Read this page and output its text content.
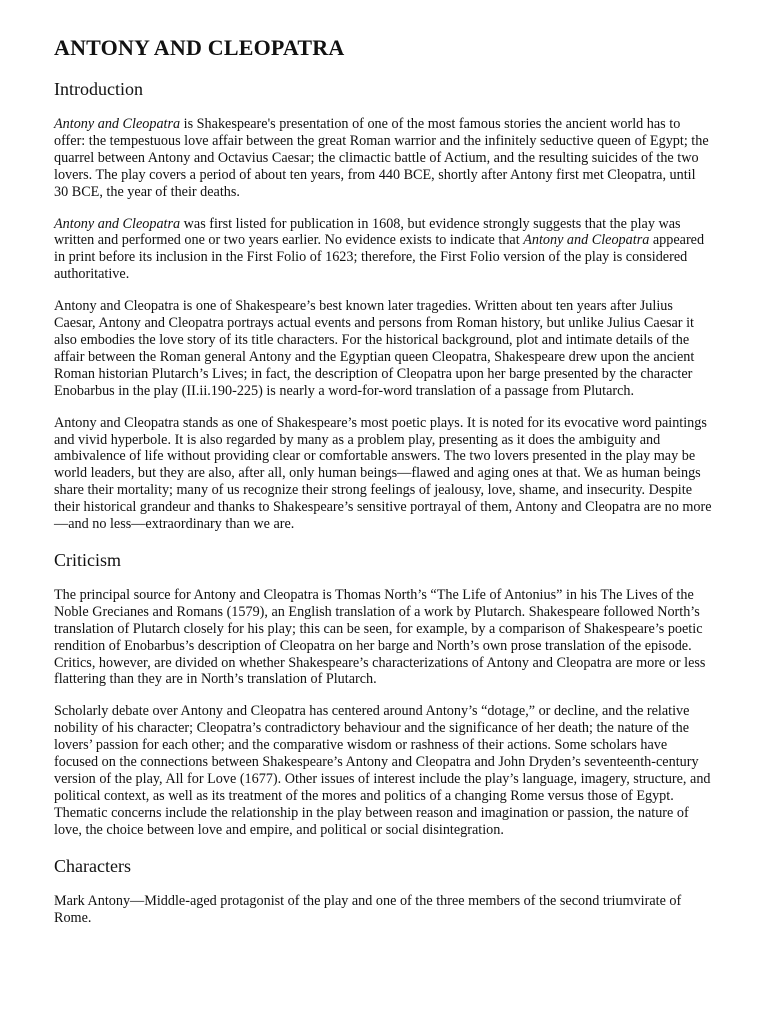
ANTONY AND CLEOPATRA
Introduction

Antony and Cleopatra is Shakespeare's presentation of one of the most famous stories the ancient world has to offer: the tempestuous love affair between the great Roman warrior and the infinitely seductive queen of Egypt; the quarrel between Antony and Octavius Caesar; the climactic battle of Actium, and the resulting suicides of the two lovers. The play covers a period of about ten years, from 440 BCE, shortly after Antony first met Cleopatra, until 30 BCE, the year of their deaths.

Antony and Cleopatra was first listed for publication in 1608, but evidence strongly suggests that the play was written and performed one or two years earlier. No evidence exists to indicate that Antony and Cleopatra appeared in print before its inclusion in the First Folio of 1623; therefore, the First Folio version of the play is considered authoritative.

Antony and Cleopatra is one of Shakespeare’s best known later tragedies. Written about ten years after Julius Caesar, Antony and Cleopatra portrays actual events and persons from Roman history, but unlike Julius Caesar it also embodies the love story of its title characters. For the historical background, plot and intimate details of the affair between the Roman general Antony and the Egyptian queen Cleopatra, Shakespeare drew upon the ancient Roman historian Plutarch’s Lives; in fact, the description of Cleopatra upon her barge presented by the character Enobarbus in the play (II.ii.190-225) is nearly a word-for-word translation of a passage from Plutarch.

Antony and Cleopatra stands as one of Shakespeare’s most poetic plays. It is noted for its evocative word paintings and vivid hyperbole. It is also regarded by many as a problem play, presenting as it does the ambiguity and ambivalence of life without providing clear or comfortable answers. The two lovers presented in the play may be world leaders, but they are also, after all, only human beings—flawed and aging ones at that. We as human beings share their mortality; many of us recognize their strong feelings of jealousy, love, shame, and insecurity. Despite their historical grandeur and thanks to Shakespeare’s sensitive portrayal of them, Antony and Cleopatra are no more—and no less—extraordinary than we are.

Criticism

The principal source for Antony and Cleopatra is Thomas North’s “The Life of Antonius” in his The Lives of the Noble Grecianes and Romans (1579), an English translation of a work by Plutarch. Shakespeare followed North’s translation of Plutarch closely for his play; this can be seen, for example, by a comparison of Shakespeare’s poetic rendition of Enobarbus’s description of Cleopatra on her barge and North’s own prose translation of the episode. Critics, however, are divided on whether Shakespeare’s characterizations of Antony and Cleopatra are more or less flattering than they are in North’s translation of Plutarch.

Scholarly debate over Antony and Cleopatra has centered around Antony’s “dotage,” or decline, and the relative nobility of his character; Cleopatra’s contradictory behaviour and the significance of her death; the nature of the lovers’ passion for each other; and the comparative wisdom or rashness of their actions. Some scholars have focused on the connections between Shakespeare’s Antony and Cleopatra and John Dryden’s seventeenth-century version of the play, All for Love (1677). Other issues of interest include the play’s language, imagery, structure, and political context, as well as its treatment of the mores and politics of a changing Rome versus those of Egypt. Thematic concerns include the relationship in the play between reason and imagination or passion, the nature of love, the choice between love and empire, and political or social disintegration.

Characters

Mark Antony—Middle-aged protagonist of the play and one of the three members of the second triumvirate of Rome.
